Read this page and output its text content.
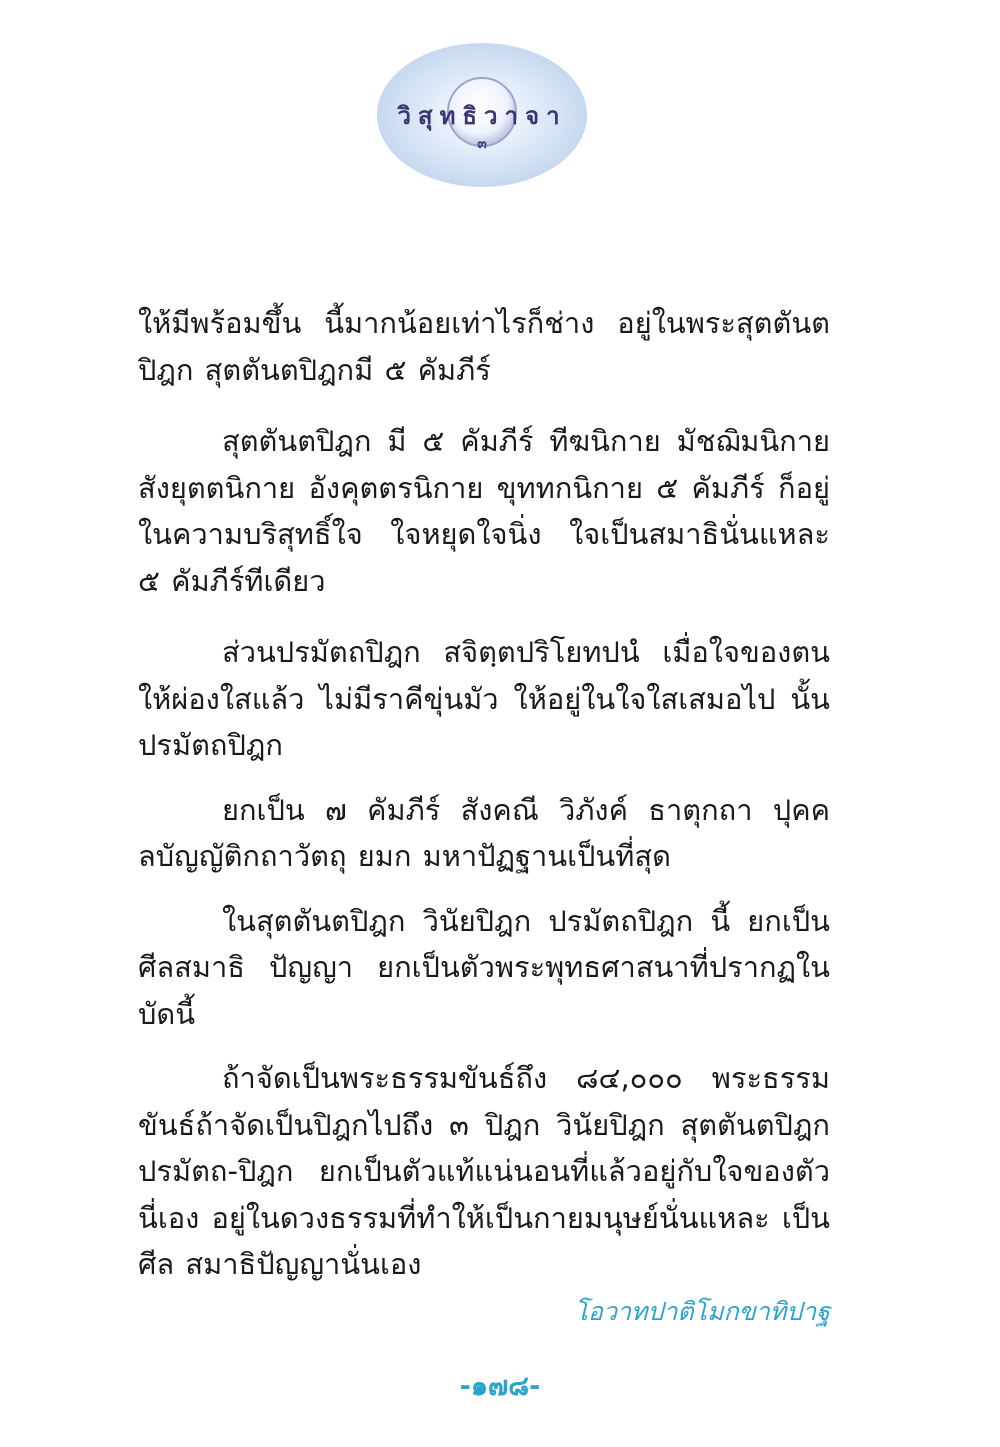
วิสุทธิวาจา
๓

ให้มีพร้อมขึ้น นี้มากน้อยเท่าไรก็ช่าง อยู่ในพระสุตตันตปิฎก สุตตันตปิฎกมี ๕ คัมภีร์

สุตตันตปิฎก มี ๕ คัมภีร์ ทีฆนิกาย มัชฌิมนิกาย สังยุตตนิกาย อังคุตตรนิกาย ขุททกนิกาย ๕ คัมภีร์ ก็อยู่ในความบริสุทธิ์ใจ ใจหยุดใจนิ่ง ใจเป็นสมาธินั่นแหละ ๕ คัมภีร์ทีเดียว

ส่วนปรมัตถปิฎก สจิตฺตปริโยทปนํ เมื่อใจของตนให้ผ่องใสแล้ว ไม่มีราคีขุ่นมัว ให้อยู่ในใจใสเสมอไป นั้นปรมัตถปิฎก

ยกเป็น ๗ คัมภีร์ สังคณี วิภังค์ ธาตุกถา ปุคคลบัญญัติกถาวัตถุ ยมก มหาปัฏฐานเป็นที่สุด

ในสุตตันตปิฎก วินัยปิฎก ปรมัตถปิฎก นี้ ยกเป็นศีลสมาธิ ปัญญา ยกเป็นตัวพระพุทธศาสนาที่ปรากฏในบัดนี้

ถ้าจัดเป็นพระธรรมขันธ์ถึง ๘๔,๐๐๐ พระธรรมขันธ์ถ้าจัดเป็นปิฎกไปถึง ๓ ปิฎก วินัยปิฎก สุตตันตปิฎก ปรมัตถ-ปิฎก ยกเป็นตัวแท้แน่นอนที่แล้วอยู่กับใจของตัวนี่เอง อยู่ในดวงธรรมที่ทำให้เป็นกายมนุษย์นั่นแหละ เป็นศีล สมาธิปัญญานั่นเอง

โอวาทปาติโมกขาทิปาฐ
-๑๗๘-
